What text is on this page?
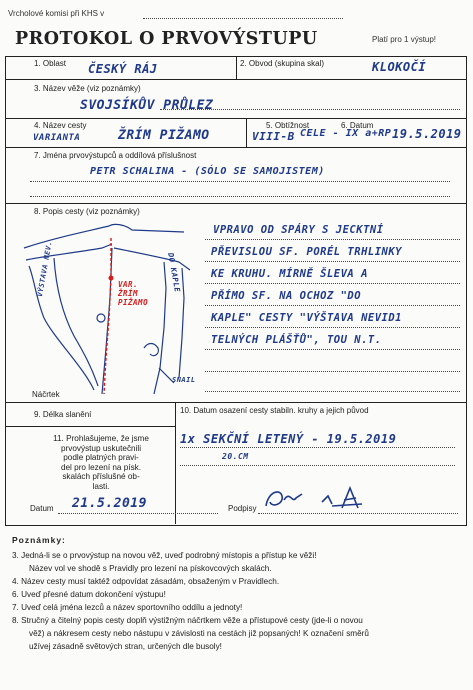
Vrcholové komisi při KHS v
PROTOKOL O PRVOVÝSTUPU	Platí pro 1 výstup!
1. Oblast ČESKÝ RÁJ	2. Obvod (skupina skal)	KLOKOČÍ
3. Název věže (viz poznámky)
SVOJSÍKŮV PRŮLEZ
4. Název cesty
VARIANTA	ŽRÍM PIŽAMO
5. Obtížnost
VIII-B CELE - IX a+RP
6. Datum
19.5.2019
7. Jména prvovýstupců a oddílová příslušnost
PETR SCHALINA - (SÓLO SE SAMOJISTEM)
8. Popis cesty (viz poznámky)
VAR.
ŽRÍM
PIŽAMO
VÝSTAVA NEV.	DO KAPLE
SNAIL
Náčrtek
VPRAVO OD SPÁRY S JECKTNÍ
PŘEVISLOU SF. PORÉL TRHLINKY
KE KRUHU. MÍRNĚ ŠLEVA A
PŘÍMO SF. NA OCHOZ "DO
KAPLE" CESTY "VÝŠTAVA NEVID1
TELNÝCH PLÁŠŤŮ", TOU N.T.
9. Délka slanění	10. Datum osazení cesty stabiln. kruhy a jejich původ
1x SEKČNÍ LETENÝ - 19.5.2019
20.CM
11. Prohlašujeme, že jsme
prvovýstup uskutečnili
podle platných pravi-
del pro lezení na písk.
skalách příslušné ob-
lasti.
Datum 21.5.2019	Podpisy
Poznámky:
3. Jedná-li se o prvovýstup na novou věž, uveď podrobný místopis a přístup ke věži!
Název vol ve shodě s Pravidly pro lezení na pískovcových skalách.
4. Název cesty musí taktéž odpovídat zásadám, obsaženým v Pravidlech.
6. Uveď přesné datum dokončení výstupu!
7. Uveď celá jména lezců a název sportovního oddílu a jednoty!
8. Stručný a čitelný popis cesty doplň výstižným náčrtkem věže a přístupové cesty (jde-li o novou
věž) a nákresem cesty nebo nástupu v závislosti na cestách již popsaných! K označení směrů
užívej zásadně světových stran, určených dle busoly!
